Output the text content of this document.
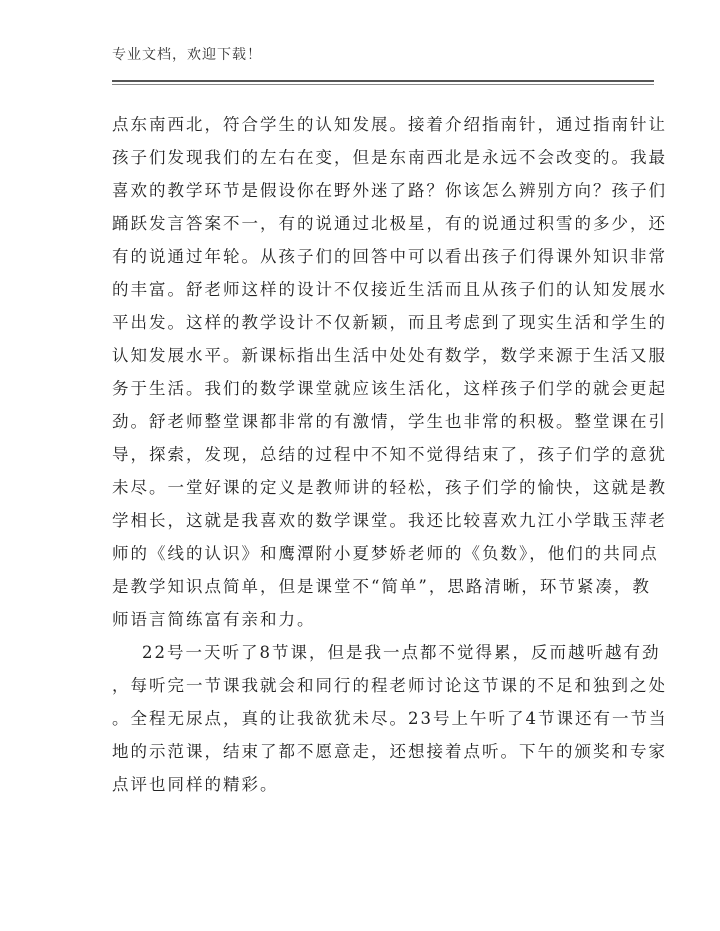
专业文档，欢迎下载！
点东南西北，符合学生的认知发展。接着介绍指南针，通过指南针让
孩子们发现我们的左右在变，但是东南西北是永远不会改变的。我最
喜欢的教学环节是假设你在野外迷了路？你该怎么辨别方向？孩子们
踊跃发言答案不一，有的说通过北极星，有的说通过积雪的多少，还
有的说通过年轮。从孩子们的回答中可以看出孩子们得课外知识非常
的丰富。舒老师这样的设计不仅接近生活而且从孩子们的认知发展水
平出发。这样的教学设计不仅新颖，而且考虑到了现实生活和学生的
认知发展水平。新课标指出生活中处处有数学，数学来源于生活又服
务于生活。我们的数学课堂就应该生活化，这样孩子们学的就会更起
劲。舒老师整堂课都非常的有激情，学生也非常的积极。整堂课在引
导，探索，发现，总结的过程中不知不觉得结束了，孩子们学的意犹
未尽。一堂好课的定义是教师讲的轻松，孩子们学的愉快，这就是教
学相长，这就是我喜欢的数学课堂。我还比较喜欢九江小学戢玉萍老
师的《线的认识》和鹰潭附小夏梦娇老师的《负数》，他们的共同点
是教学知识点简单，但是课堂不“简单”，思路清晰，环节紧凑，教
师语言简练富有亲和力。
22号一天听了8节课，但是我一点都不觉得累，反而越听越有劲
，每听完一节课我就会和同行的程老师讨论这节课的不足和独到之处
。全程无尿点，真的让我欲犹未尽。23号上午听了4节课还有一节当
地的示范课，结束了都不愿意走，还想接着点听。下午的颁奖和专家
点评也同样的精彩。
